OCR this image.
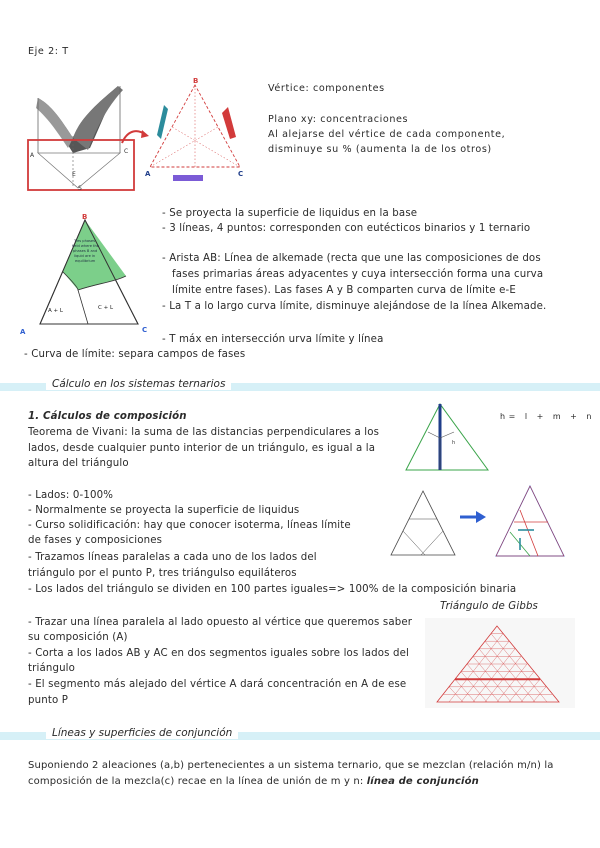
Eje 2: T
A
E
S
C
B
A	C
Vértice: componentes
Plano xy: concentraciones
Al alejarse del vértice de cada componente,
disminuye su % (aumenta la de los otros)
Tres phases
field where the
phases B and
liquid are in
equilibrium
A + L	C + L
B
A	C
- Se proyecta la superficie de liquidus en la base
- 3 líneas, 4 puntos: corresponden con eutécticos binarios y 1 ternario
- Arista AB: Línea de alkemade (recta que une las composiciones de dos
fases primarias áreas adyacentes y cuya intersección forma una curva
límite entre fases). Las fases A y B comparten curva de límite e-E
- La T a lo largo curva límite, disminuye alejándose de la línea Alkemade.
- T máx en intersección urva límite y línea
- Curva de límite: separa campos de fases
Cálculo en los sistemas ternarios
1. Cálculos de composición
Teorema de Vivani: la suma de las distancias perpendiculares a los
lados, desde cualquier punto interior de un triángulo, es igual a la
altura del triángulo
- Lados: 0-100%
- Normalmente se proyecta la superficie de liquidus
- Curso solidificación: hay que conocer isoterma, líneas límite
de fases y composiciones
- Trazamos líneas paralelas a cada uno de los lados del
triángulo por el punto P, tres triángulso equiláteros
- Los lados del triángulo se dividen en 100 partes iguales=> 100% de la composición binaria
h
h= l + m + n
Triángulo de Gibbs
- Trazar una línea paralela al lado opuesto al vértice que queremos saber
su composición (A)
- Corta a los lados AB y AC en dos segmentos iguales sobre los lados del
triángulo
- El segmento más alejado del vértice A dará concentración en A de ese
punto P
Líneas y superficies de conjunción
Suponiendo 2 aleaciones (a,b) pertenecientes a un sistema ternario, que se mezclan (relación m/n) la
composición de la mezcla(c) recae en la línea de unión de m y n: línea de conjunción
